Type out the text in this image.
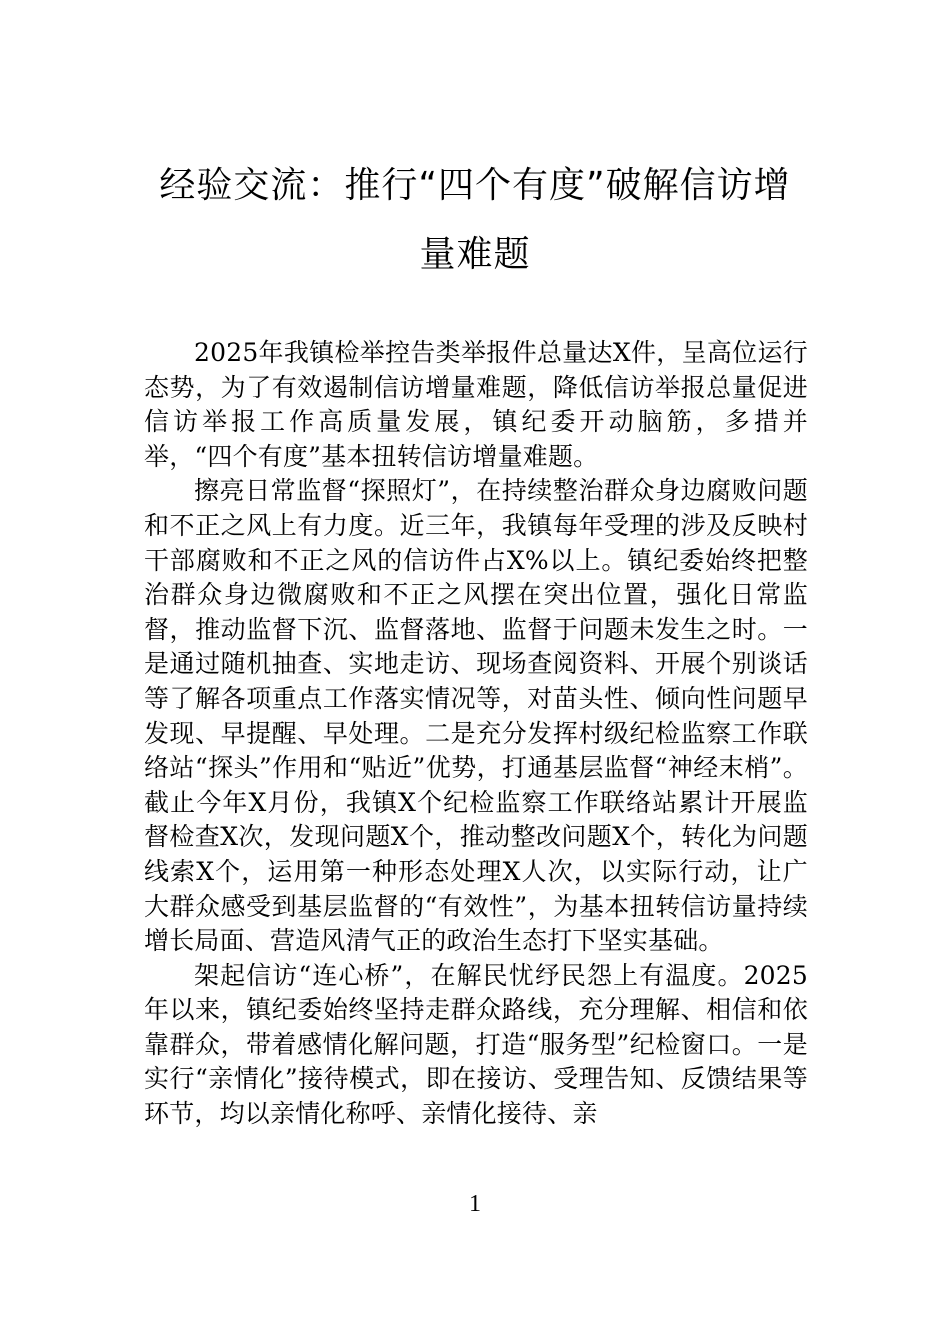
经验交流：推行“四个有度”破解信访增

量难题

2025年我镇检举控告类举报件总量达X件，呈高位运行态势，为了有效遏制信访增量难题，降低信访举报总量促进信访举报工作高质量发展，镇纪委开动脑筋，多措并举，“四个有度”基本扭转信访增量难题。

擦亮日常监督“探照灯”，在持续整治群众身边腐败问题和不正之风上有力度。近三年，我镇每年受理的涉及反映村干部腐败和不正之风的信访件占X%以上。镇纪委始终把整治群众身边微腐败和不正之风摆在突出位置，强化日常监督，推动监督下沉、监督落地、监督于问题未发生之时。一是通过随机抽查、实地走访、现场查阅资料、开展个别谈话等了解各项重点工作落实情况等，对苗头性、倾向性问题早发现、早提醒、早处理。二是充分发挥村级纪检监察工作联络站“探头”作用和“贴近”优势，打通基层监督“神经末梢”。截止今年X月份，我镇X个纪检监察工作联络站累计开展监督检查X次，发现问题X个，推动整改问题X个，转化为问题线索X个，运用第一种形态处理X人次，以实际行动，让广大群众感受到基层监督的“有效性”，为基本扭转信访量持续增长局面、营造风清气正的政治生态打下坚实基础。

架起信访“连心桥”，在解民忧纾民怨上有温度。2025年以来，镇纪委始终坚持走群众路线，充分理解、相信和依靠群众，带着感情化解问题，打造“服务型”纪检窗口。一是实行“亲情化”接待模式，即在接访、受理告知、反馈结果等环节，均以亲情化称呼、亲情化接待、亲

1
